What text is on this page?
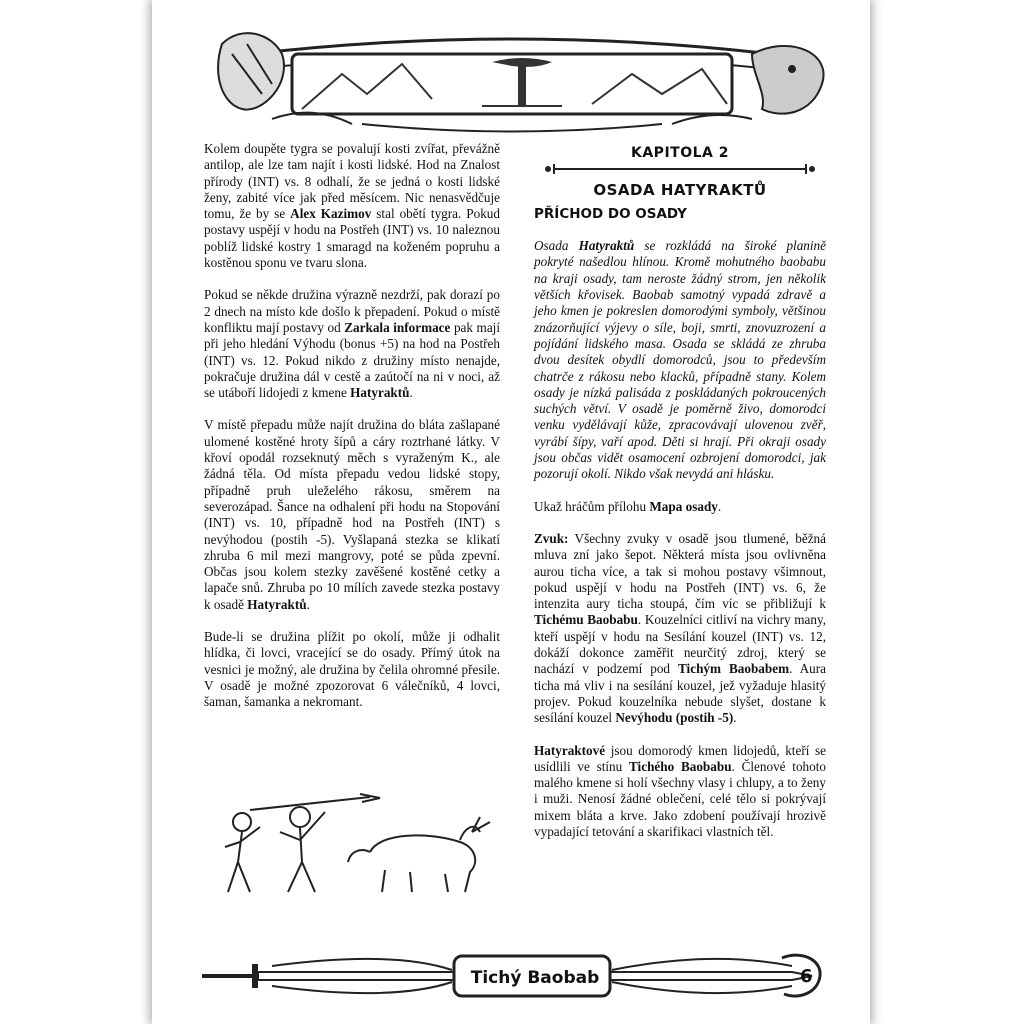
Kolem doupěte tygra se povalují kosti zvířat, převážně antilop, ale lze tam najít i kosti lidské. Hod na Znalost přírody (INT) vs. 8 odhalí, že se jedná o kosti lidské ženy, zabité více jak před měsícem. Nic nenasvědčuje tomu, že by se Alex Kazimov stal obětí tygra. Pokud postavy uspějí v hodu na Postřeh (INT) vs. 10 naleznou poblíž lidské kostry 1 smaragd na koženém popruhu a kostěnou sponu ve tvaru slona.

Pokud se někde družina výrazně nezdrží, pak dorazí po 2 dnech na místo kde došlo k přepadení. Pokud o místě konfliktu mají postavy od Zarkala informace pak mají při jeho hledání Výhodu (bonus +5) na hod na Postřeh (INT) vs. 12. Pokud nikdo z družiny místo nenajde, pokračuje družina dál v cestě a zaútočí na ni v noci, až se utáboří lidojedi z kmene Hatyraktů.

V místě přepadu může najít družina do bláta zašlapané ulomené kostěné hroty šípů a cáry roztrhané látky. V křoví opodál rozseknutý měch s vyraženým K., ale žádná těla. Od místa přepadu vedou lidské stopy, případně pruh uleželého rákosu, směrem na severozápad. Šance na odhalení při hodu na Stopování (INT) vs. 10, případně hod na Postřeh (INT) s nevýhodou (postih -5). Vyšlapaná stezka se klikatí zhruba 6 mil mezi mangrovy, poté se půda zpevní. Občas jsou kolem stezky zavěšené kostěné cetky a lapače snů. Zhruba po 10 mílích zavede stezka postavy k osadě Hatyraktů.

Bude-li se družina plížit po okolí, může ji odhalit hlídka, či lovci, vracející se do osady. Přímý útok na vesnici je možný, ale družina by čelila ohromné přesile. V osadě je možné zpozorovat 6 válečníků, 4 lovci, šaman, šamanka a nekromant.

KAPITOLA 2
OSADA HATYRAKTŮ
PŘÍCHOD DO OSADY

Osada Hatyraktů se rozkládá na široké planině pokryté našedlou hlínou. Kromě mohutného baobabu na kraji osady, tam neroste žádný strom, jen několik větších křovisek. Baobab samotný vypadá zdravě a jeho kmen je pokreslen domorodými symboly, většinou znázorňující výjevy o síle, boji, smrti, znovuzrození a pojídání lidského masa. Osada se skládá ze zhruba dvou desítek obydlí domorodců, jsou to především chatrče z rákosu nebo klacků, případně stany. Kolem osady je nízká palisáda z poskládaných pokroucených suchých větví. V osadě je poměrně živo, domorodci venku vydělávají kůže, zpracovávají ulovenou zvěř, vyrábí šípy, vaří apod. Děti si hrají. Při okraji osady jsou občas vidět osamocení ozbrojení domorodci, jak pozorují okolí. Nikdo však nevydá ani hlásku.

Ukaž hráčům přílohu Mapa osady.

Zvuk: Všechny zvuky v osadě jsou tlumené, běžná mluva zní jako šepot. Některá místa jsou ovlivněna aurou ticha více, a tak si mohou postavy všimnout, pokud uspějí v hodu na Postřeh (INT) vs. 6, že intenzita aury ticha stoupá, čím víc se přibližují k Tichému Baobabu. Kouzelníci citliví na vichry many, kteří uspějí v hodu na Sesílání kouzel (INT) vs. 12, dokáží dokonce zaměřit neurčitý zdroj, který se nachází v podzemí pod Tichým Baobabem. Aura ticha má vliv i na sesílání kouzel, jež vyžaduje hlasitý projev. Pokud kouzelníka nebude slyšet, dostane k sesílání kouzel Nevýhodu (postih -5).

Hatyraktové jsou domorodý kmen lidojedů, kteří se usídlili ve stínu Tichého Baobabu. Členové tohoto malého kmene si holí všechny vlasy i chlupy, a to ženy i muži. Nenosí žádné oblečení, celé tělo si pokrývají mixem bláta a krve. Jako zdobení používají hrozivě vypadající tetování a skarifikaci vlastních těl.

Tichý Baobab	6
